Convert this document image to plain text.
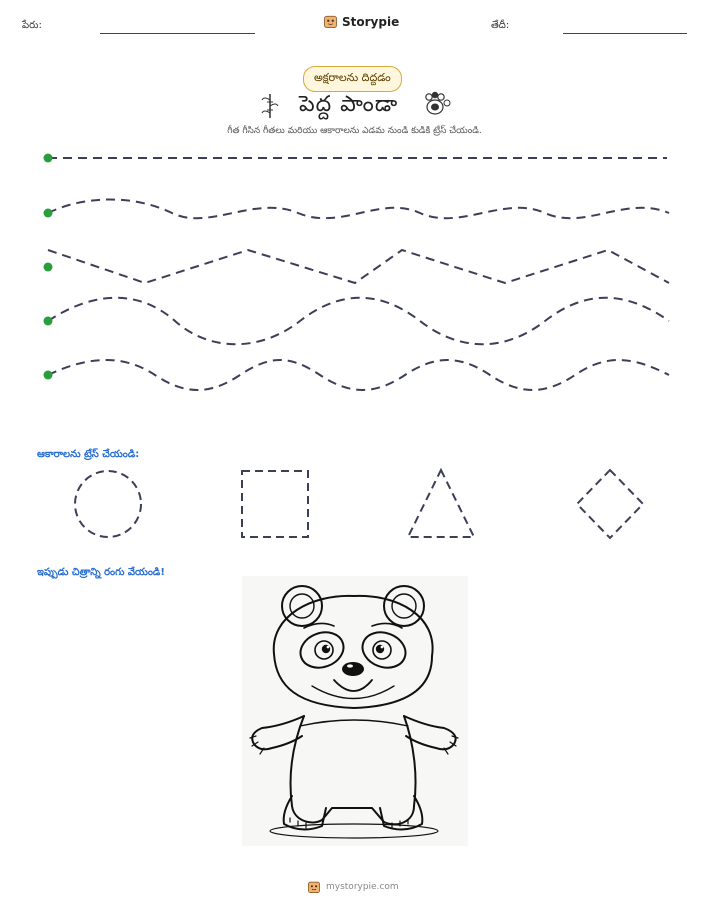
పేరు:	Storypie	తేదీ:
అక్షరాలను దిద్దడం
పెద్ద పాండా
గీత గీసిన గీతలు మరియు ఆకారాలను ఎడమ నుండి కుడికి ట్రేస్ చేయండి.
ఆకారాలను ట్రేస్ చేయండి:
ఇప్పుడు చిత్రాన్ని రంగు వేయండి!
mystorypie.com
